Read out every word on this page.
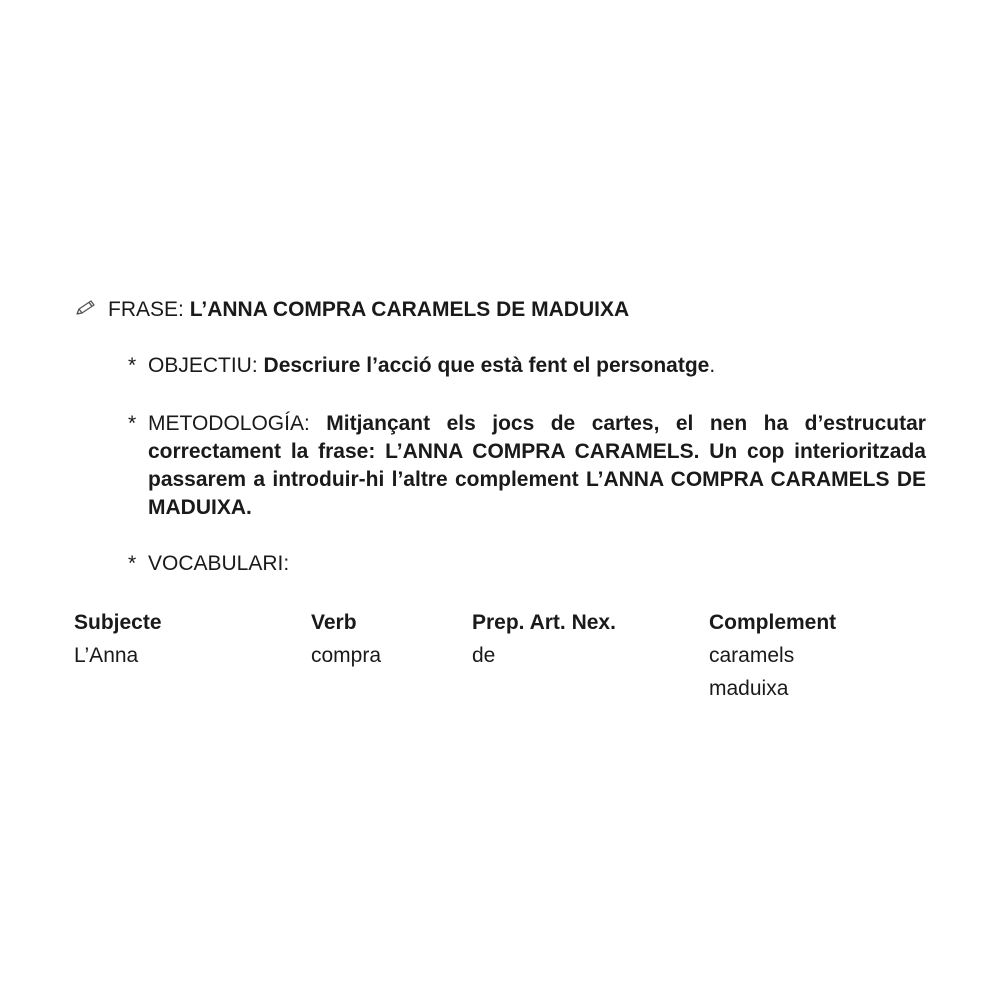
FRASE: L’ANNA COMPRA CARAMELS DE MADUIXA
* OBJECTIU: Descriure l’acció que està fent el personatge.
* METODOLOGÍA: Mitjançant els jocs de cartes, el nen ha d’estrucutar correctament la frase: L’ANNA COMPRA CARAMELS. Un cop interioritzada passarem a introduir-hi l’altre complement L’ANNA COMPRA CARAMELS DE MADUIXA.
* VOCABULARI:
Subjecte
L’Anna
Verb
compra
Prep. Art. Nex.
de
Complement
caramels
maduixa
